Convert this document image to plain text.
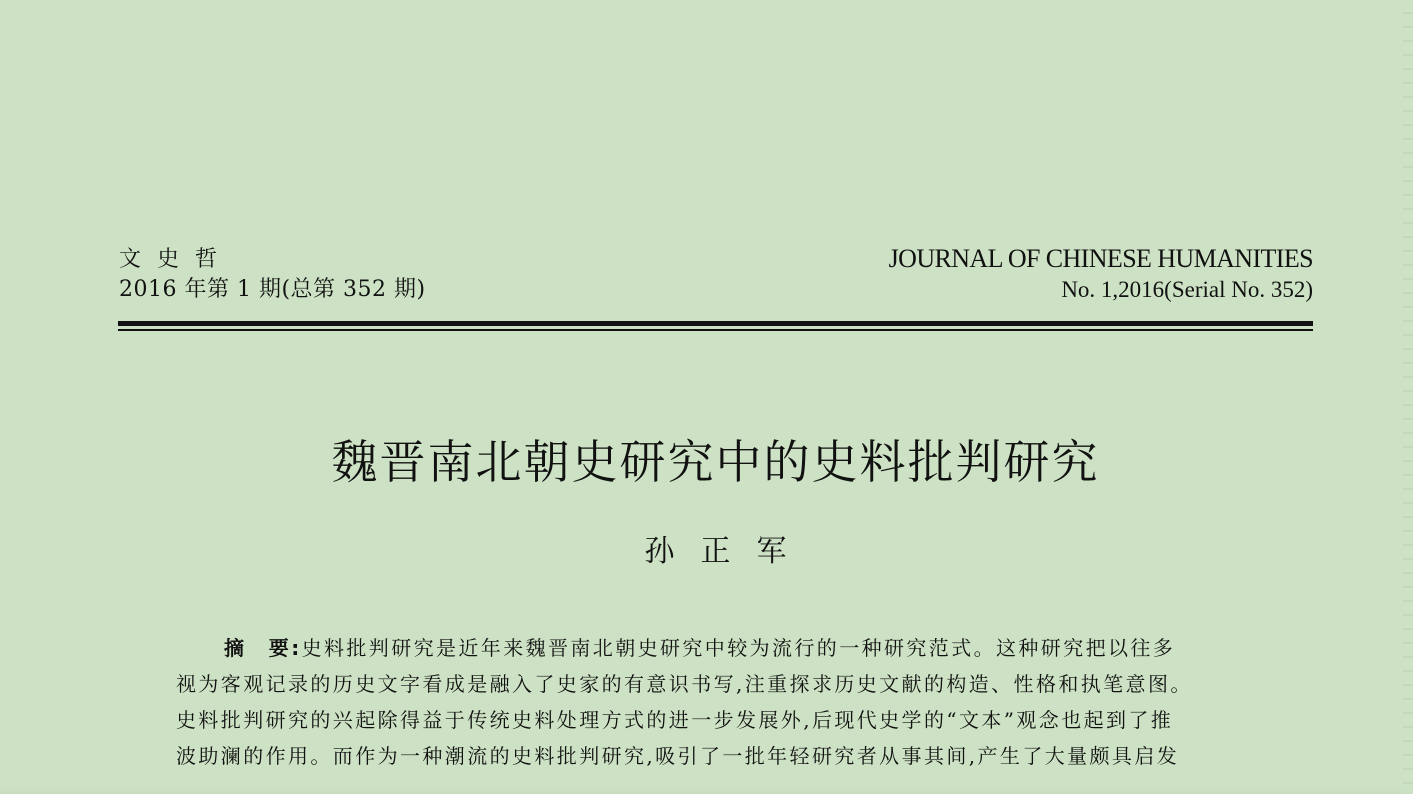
文史哲
2016 年第 1 期(总第 352 期)
JOURNAL OF CHINESE HUMANITIES
No. 1,2016(Serial No. 352)
魏晋南北朝史研究中的史料批判研究
孙正军
摘　要:史料批判研究是近年来魏晋南北朝史研究中较为流行的一种研究范式。这种研究把以往多
视为客观记录的历史文字看成是融入了史家的有意识书写,注重探求历史文献的构造、性格和执笔意图。
史料批判研究的兴起除得益于传统史料处理方式的进一步发展外,后现代史学的“文本”观念也起到了推
波助澜的作用。而作为一种潮流的史料批判研究,吸引了一批年轻研究者从事其间,产生了大量颇具启发
